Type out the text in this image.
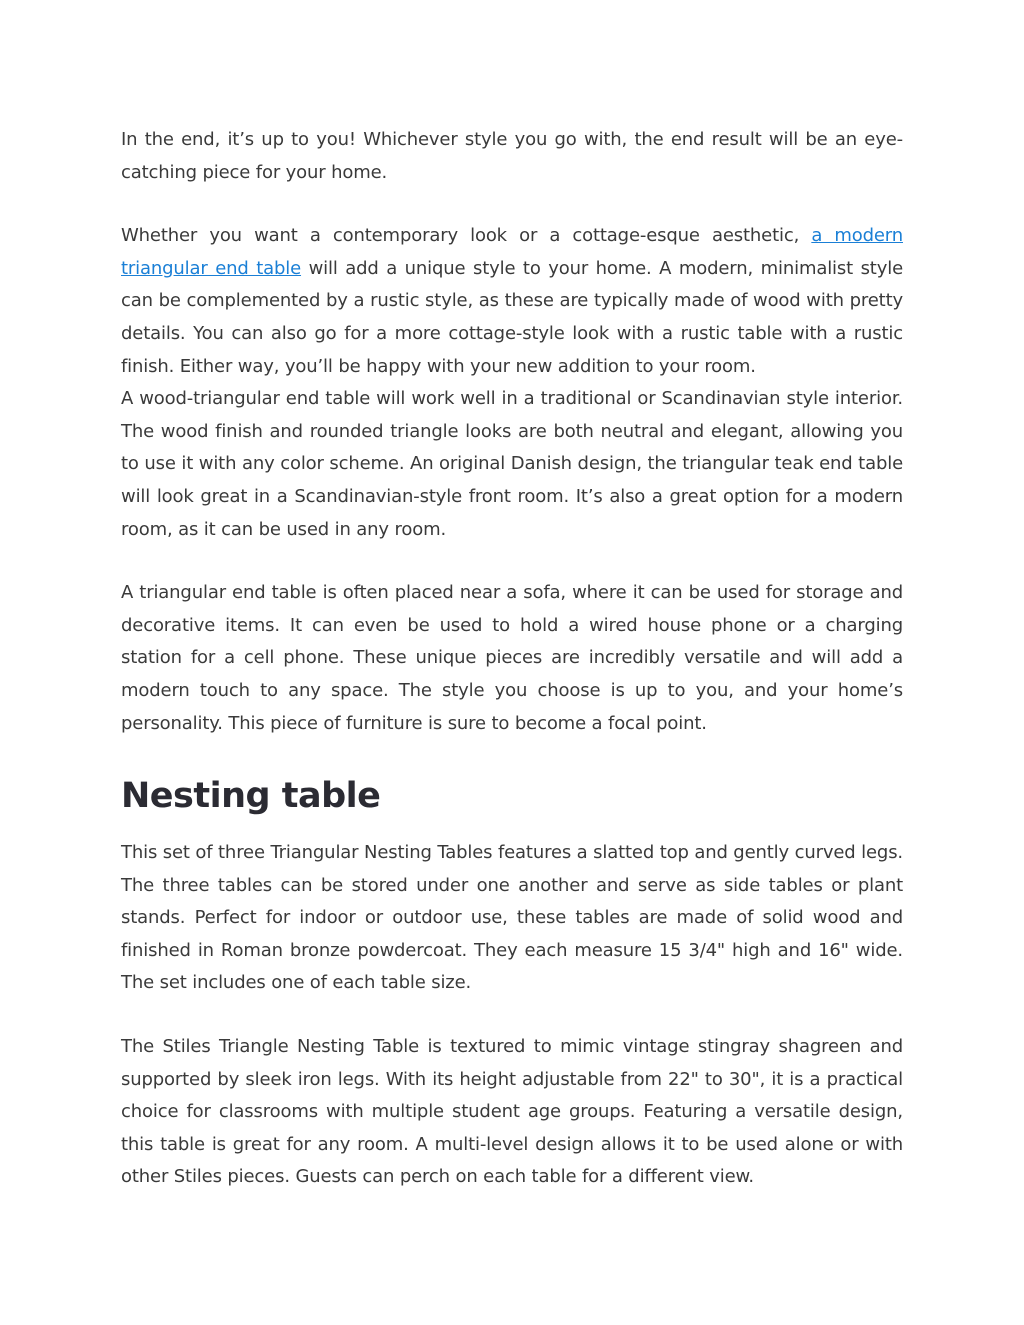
In the end, it’s up to you! Whichever style you go with, the end result will be an eye-catching piece for your home.

Whether you want a contemporary look or a cottage-esque aesthetic, a modern triangular end table will add a unique style to your home. A modern, minimalist style can be complemented by a rustic style, as these are typically made of wood with pretty details. You can also go for a more cottage-style look with a rustic table with a rustic finish. Either way, you’ll be happy with your new addition to your room.

A wood-triangular end table will work well in a traditional or Scandinavian style interior. The wood finish and rounded triangle looks are both neutral and elegant, allowing you to use it with any color scheme. An original Danish design, the triangular teak end table will look great in a Scandinavian-style front room. It’s also a great option for a modern room, as it can be used in any room.

A triangular end table is often placed near a sofa, where it can be used for storage and decorative items. It can even be used to hold a wired house phone or a charging station for a cell phone. These unique pieces are incredibly versatile and will add a modern touch to any space. The style you choose is up to you, and your home’s personality. This piece of furniture is sure to become a focal point.

Nesting table

This set of three Triangular Nesting Tables features a slatted top and gently curved legs. The three tables can be stored under one another and serve as side tables or plant stands. Perfect for indoor or outdoor use, these tables are made of solid wood and finished in Roman bronze powdercoat. They each measure 15 3/4" high and 16" wide. The set includes one of each table size.

The Stiles Triangle Nesting Table is textured to mimic vintage stingray shagreen and supported by sleek iron legs. With its height adjustable from 22" to 30", it is a practical choice for classrooms with multiple student age groups. Featuring a versatile design, this table is great for any room. A multi-level design allows it to be used alone or with other Stiles pieces. Guests can perch on each table for a different view.
